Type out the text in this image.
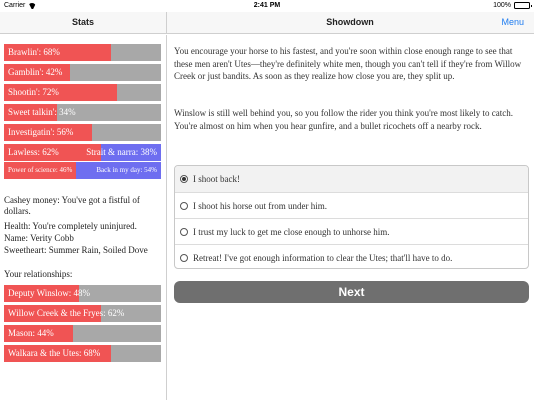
Carrier	2:41 PM	100%
Stats	Showdown	Menu
Brawlin': 68%
Gamblin': 42%
Shootin': 72%
Sweet talkin': 34%
Investigatin': 56%
Lawless: 62%	Strait & narra: 38%
Power of science: 46%	Back in my day: 54%
Cashey money: You've got a fistful of dollars.
Health: You're completely uninjured.
Name: Verity Cobb
Sweetheart: Summer Rain, Soiled Dove
Your relationships:
Deputy Winslow: 48%
Willow Creek & the Fryes: 62%
Mason: 44%
Walkara & the Utes: 68%

You encourage your horse to his fastest, and you're soon within close enough range to see that these men aren't Utes—they're definitely white men, though you can't tell if they're from Willow Creek or just bandits. As soon as they realize how close you are, they split up.

Winslow is still well behind you, so you follow the rider you think you're most likely to catch. You're almost on him when you hear gunfire, and a bullet ricochets off a nearby rock.

I shoot back!
I shoot his horse out from under him.
I trust my luck to get me close enough to unhorse him.
Retreat! I've got enough information to clear the Utes; that'll have to do.
Next
